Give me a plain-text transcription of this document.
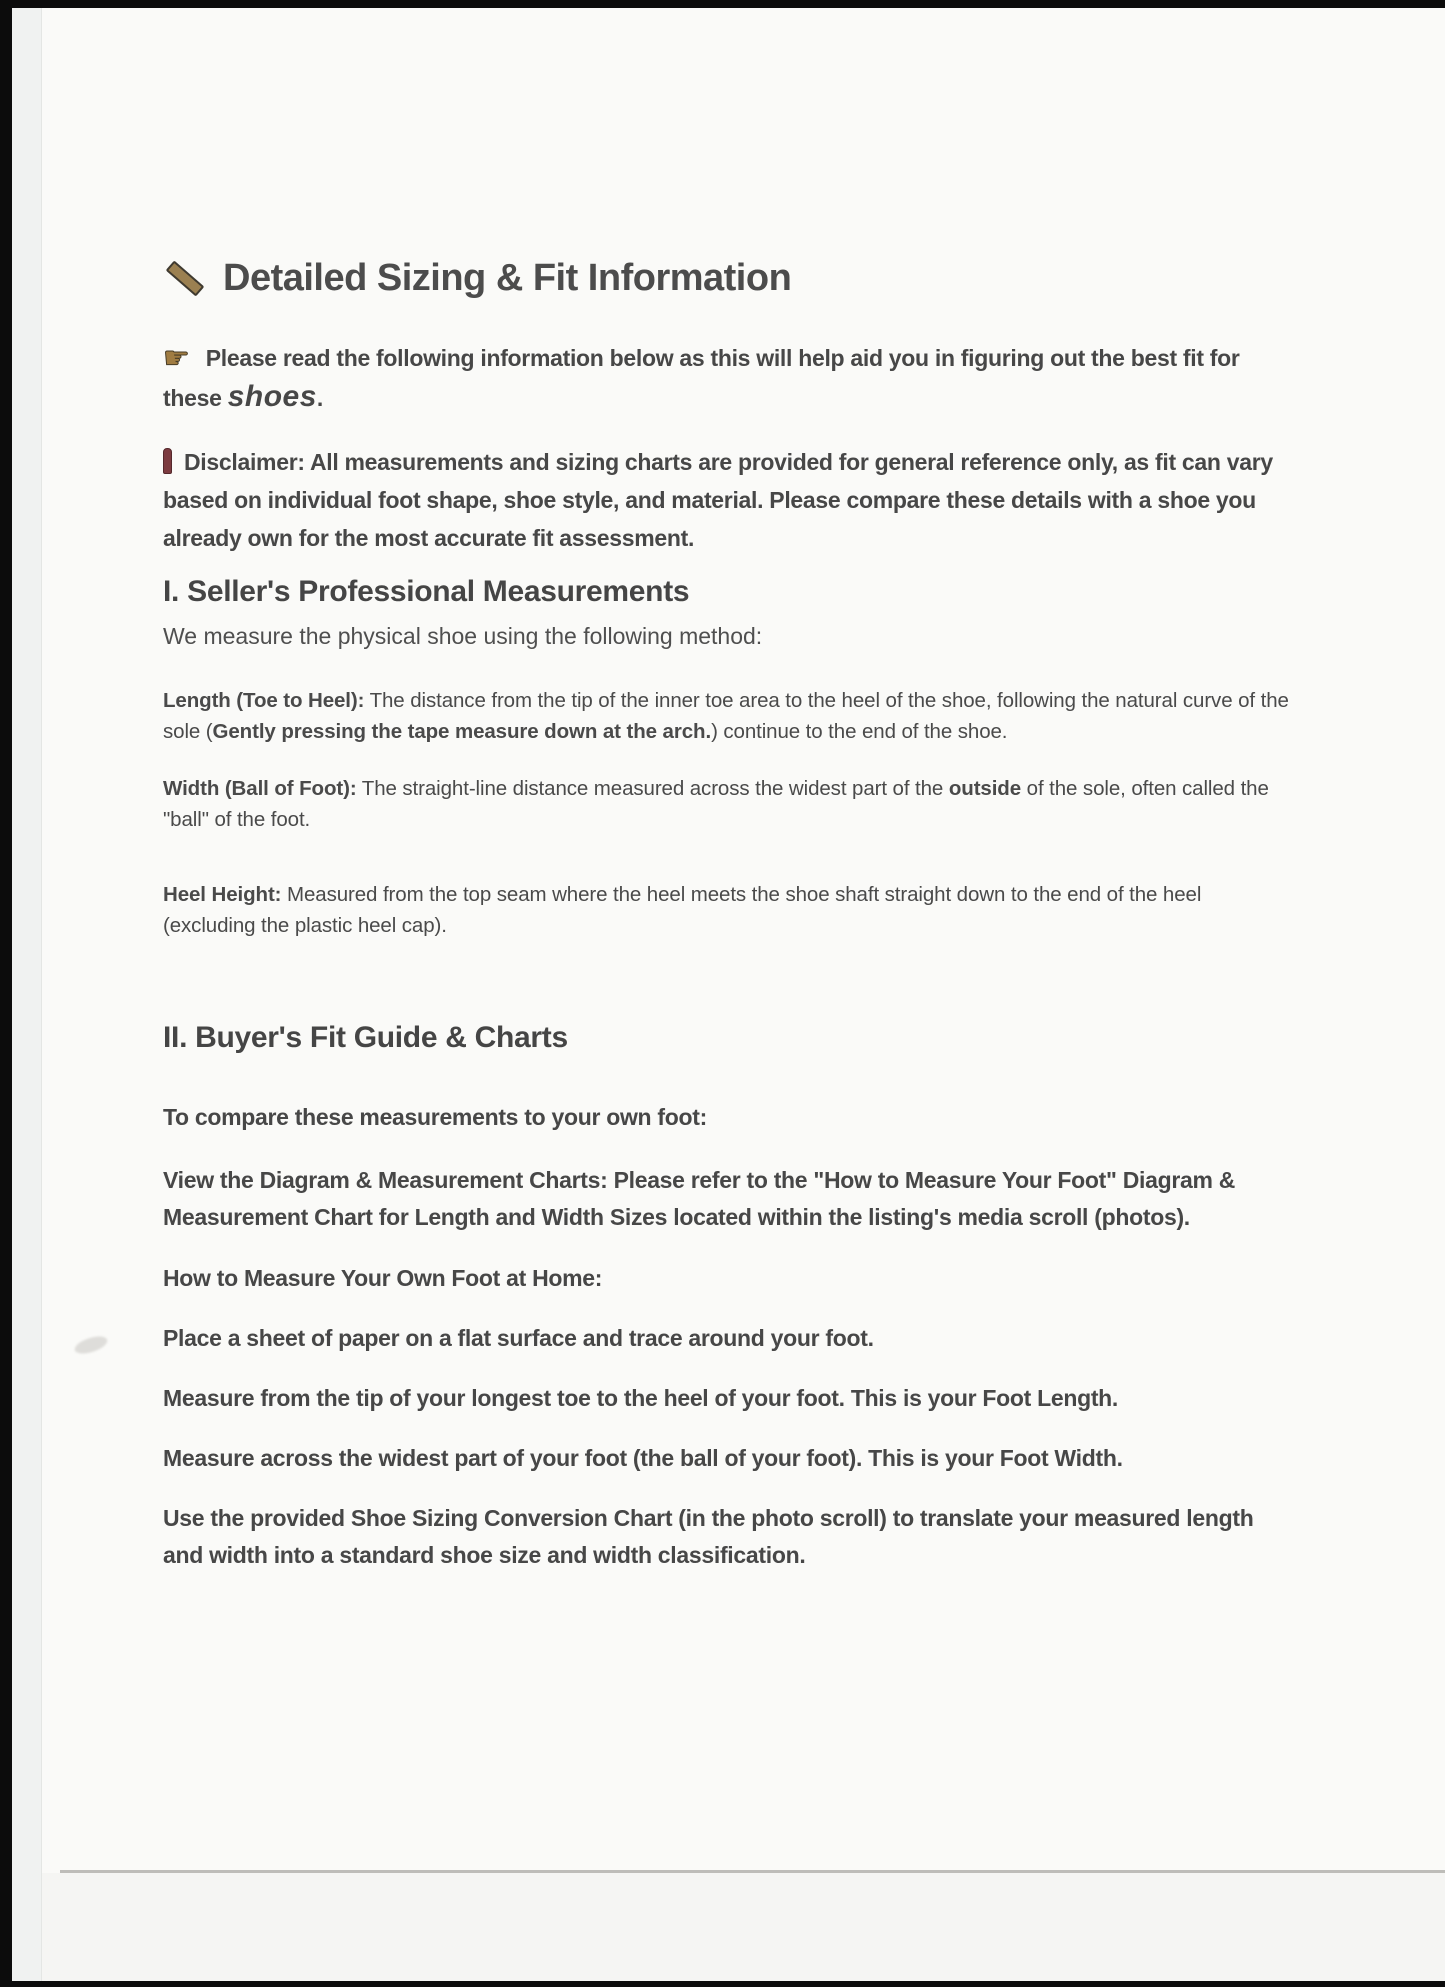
Detailed Sizing & Fit Information

☛ Please read the following information below as this will help aid you in figuring out the best fit for these shoes.

Disclaimer: All measurements and sizing charts are provided for general reference only, as fit can vary based on individual foot shape, shoe style, and material. Please compare these details with a shoe you already own for the most accurate fit assessment.

I. Seller's Professional Measurements

We measure the physical shoe using the following method:

Length (Toe to Heel): The distance from the tip of the inner toe area to the heel of the shoe, following the natural curve of the sole (Gently pressing the tape measure down at the arch.) continue to the end of the shoe.

Width (Ball of Foot): The straight-line distance measured across the widest part of the outside of the sole, often called the "ball" of the foot.

Heel Height: Measured from the top seam where the heel meets the shoe shaft straight down to the end of the heel (excluding the plastic heel cap).

II. Buyer's Fit Guide & Charts

To compare these measurements to your own foot:

View the Diagram & Measurement Charts: Please refer to the "How to Measure Your Foot" Diagram & Measurement Chart for Length and Width Sizes located within the listing's media scroll (photos).

How to Measure Your Own Foot at Home:

Place a sheet of paper on a flat surface and trace around your foot.

Measure from the tip of your longest toe to the heel of your foot. This is your Foot Length.

Measure across the widest part of your foot (the ball of your foot). This is your Foot Width.

Use the provided Shoe Sizing Conversion Chart (in the photo scroll) to translate your measured length and width into a standard shoe size and width classification.
